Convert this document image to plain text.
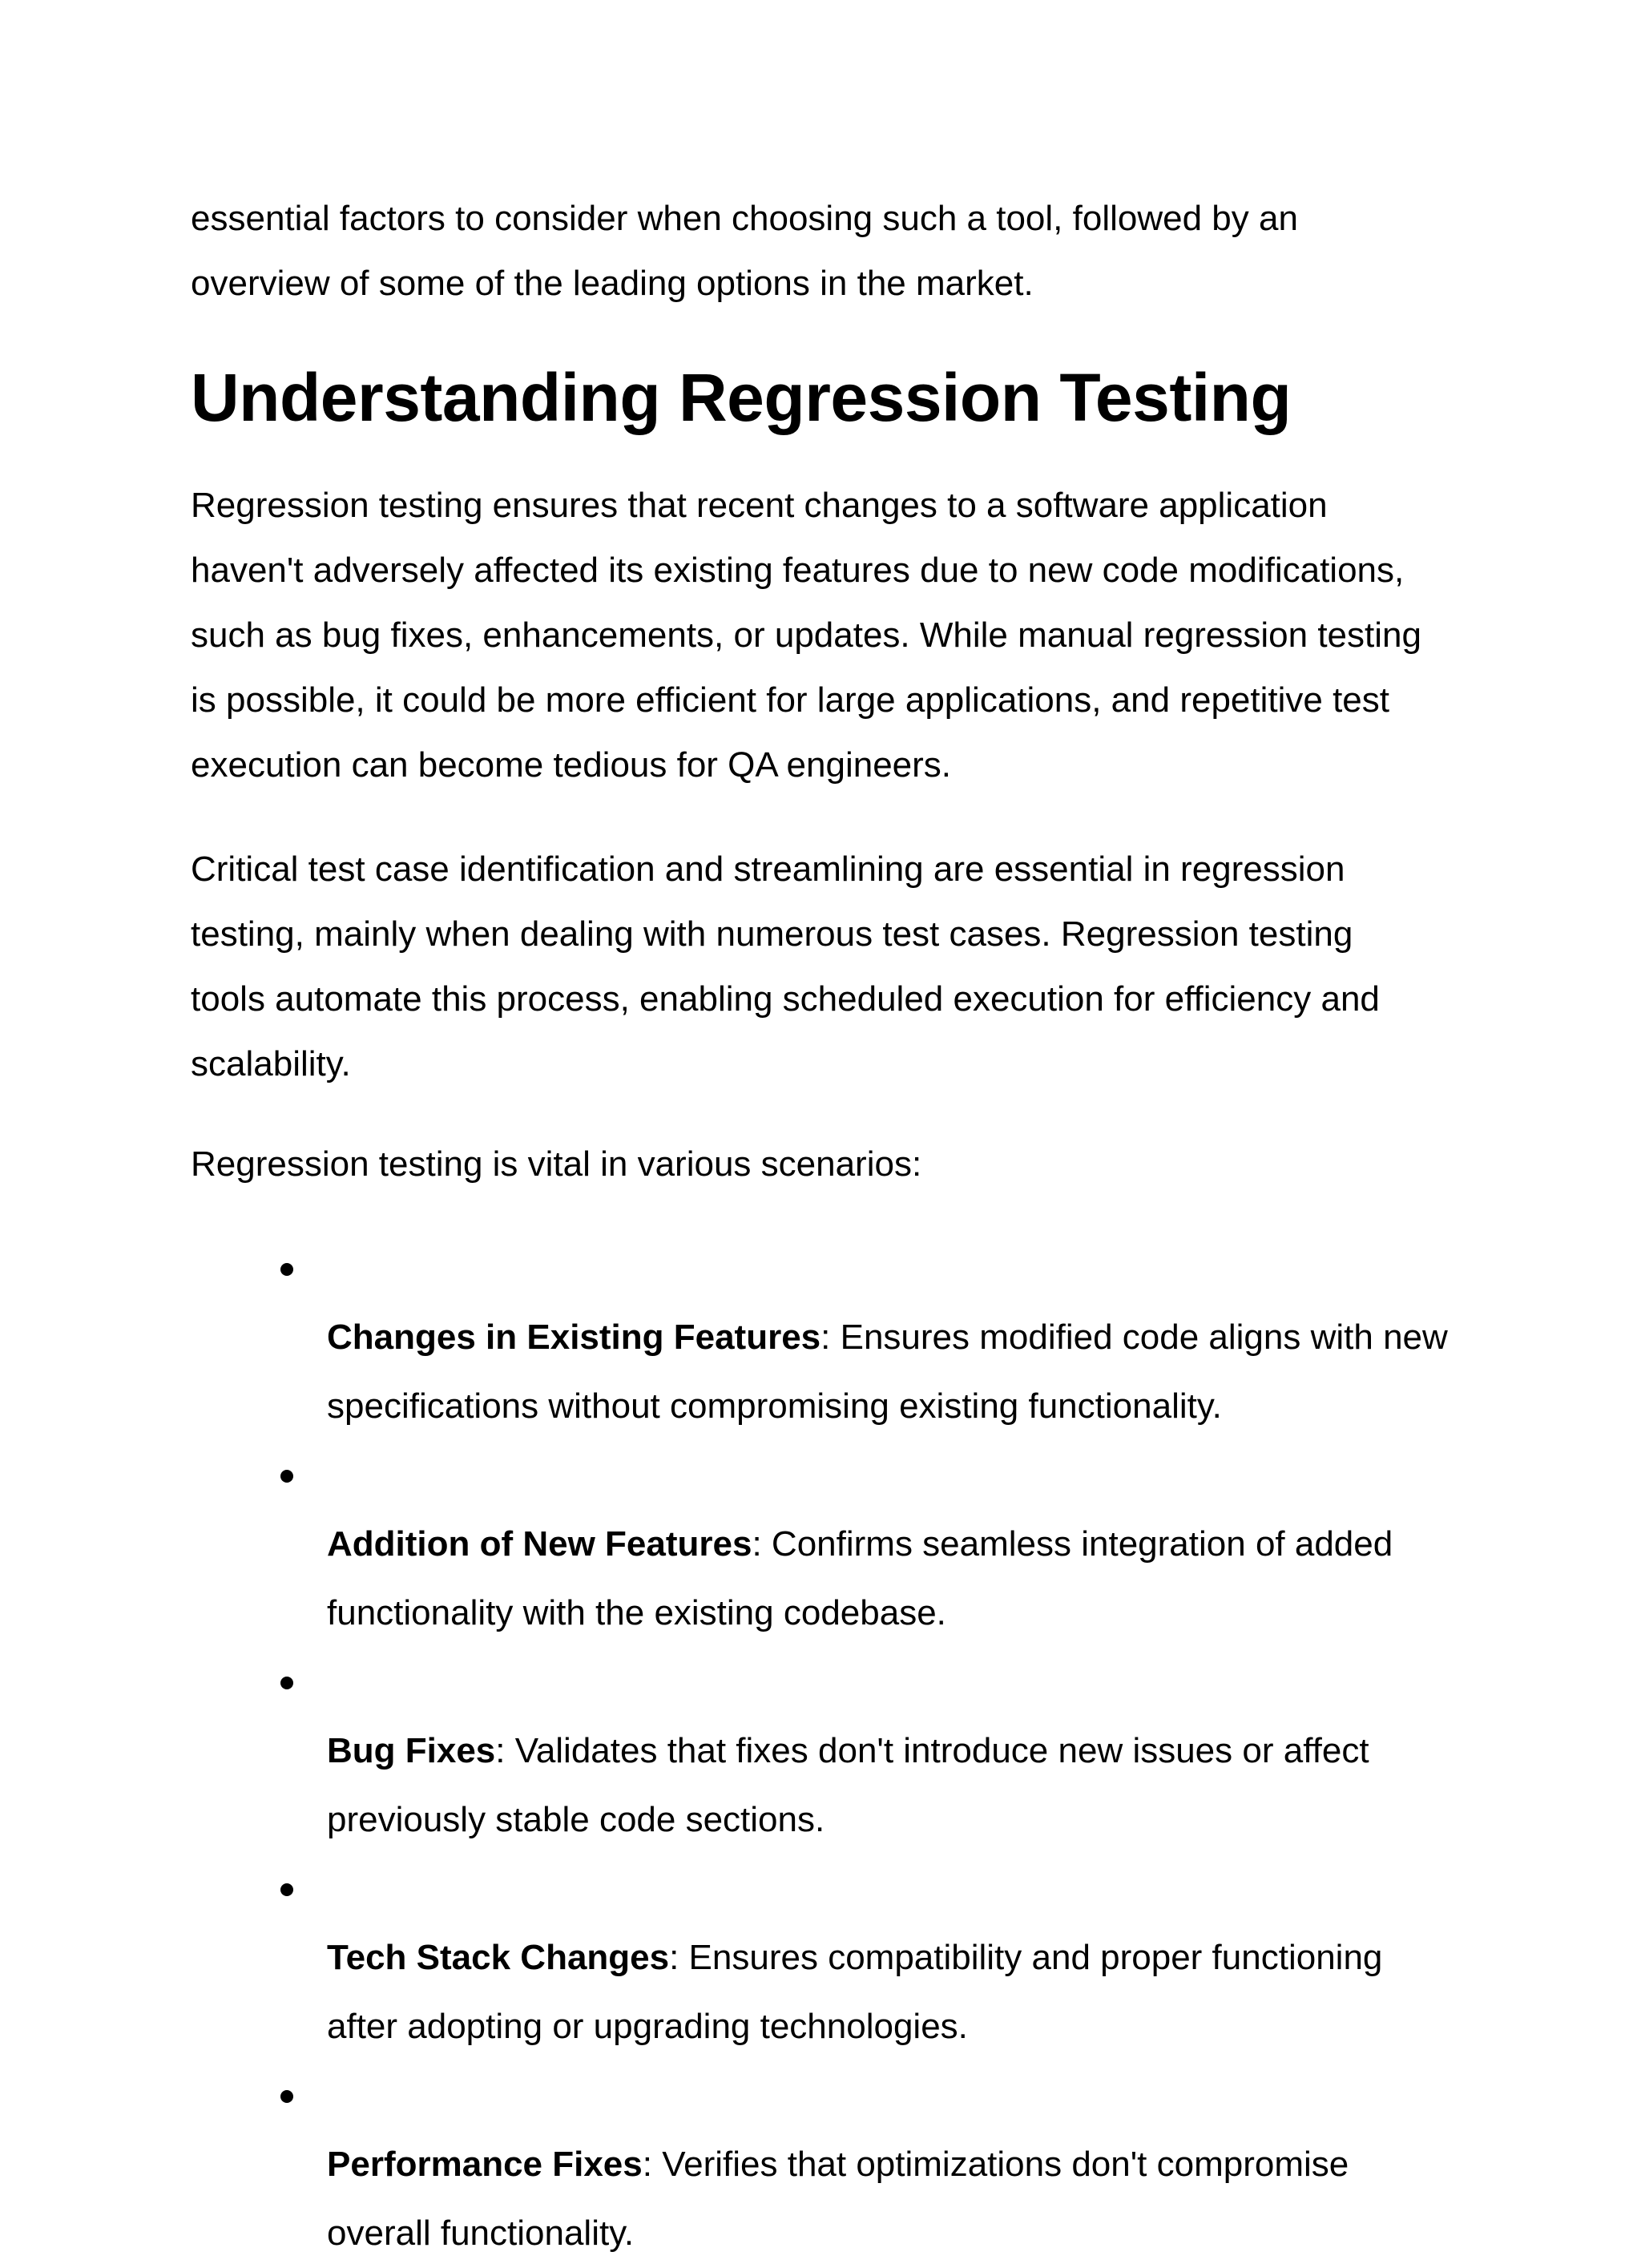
essential factors to consider when choosing such a tool, followed by an
overview of some of the leading options in the market.

Understanding Regression Testing

Regression testing ensures that recent changes to a software application
haven't adversely affected its existing features due to new code modifications,
such as bug fixes, enhancements, or updates. While manual regression testing
is possible, it could be more efficient for large applications, and repetitive test
execution can become tedious for QA engineers.

Critical test case identification and streamlining are essential in regression
testing, mainly when dealing with numerous test cases. Regression testing
tools automate this process, enabling scheduled execution for efficiency and
scalability.

Regression testing is vital in various scenarios:

Changes in Existing Features: Ensures modified code aligns with new
specifications without compromising existing functionality.

Addition of New Features: Confirms seamless integration of added
functionality with the existing codebase.

Bug Fixes: Validates that fixes don't introduce new issues or affect
previously stable code sections.

Tech Stack Changes: Ensures compatibility and proper functioning
after adopting or upgrading technologies.

Performance Fixes: Verifies that optimizations don't compromise
overall functionality.
